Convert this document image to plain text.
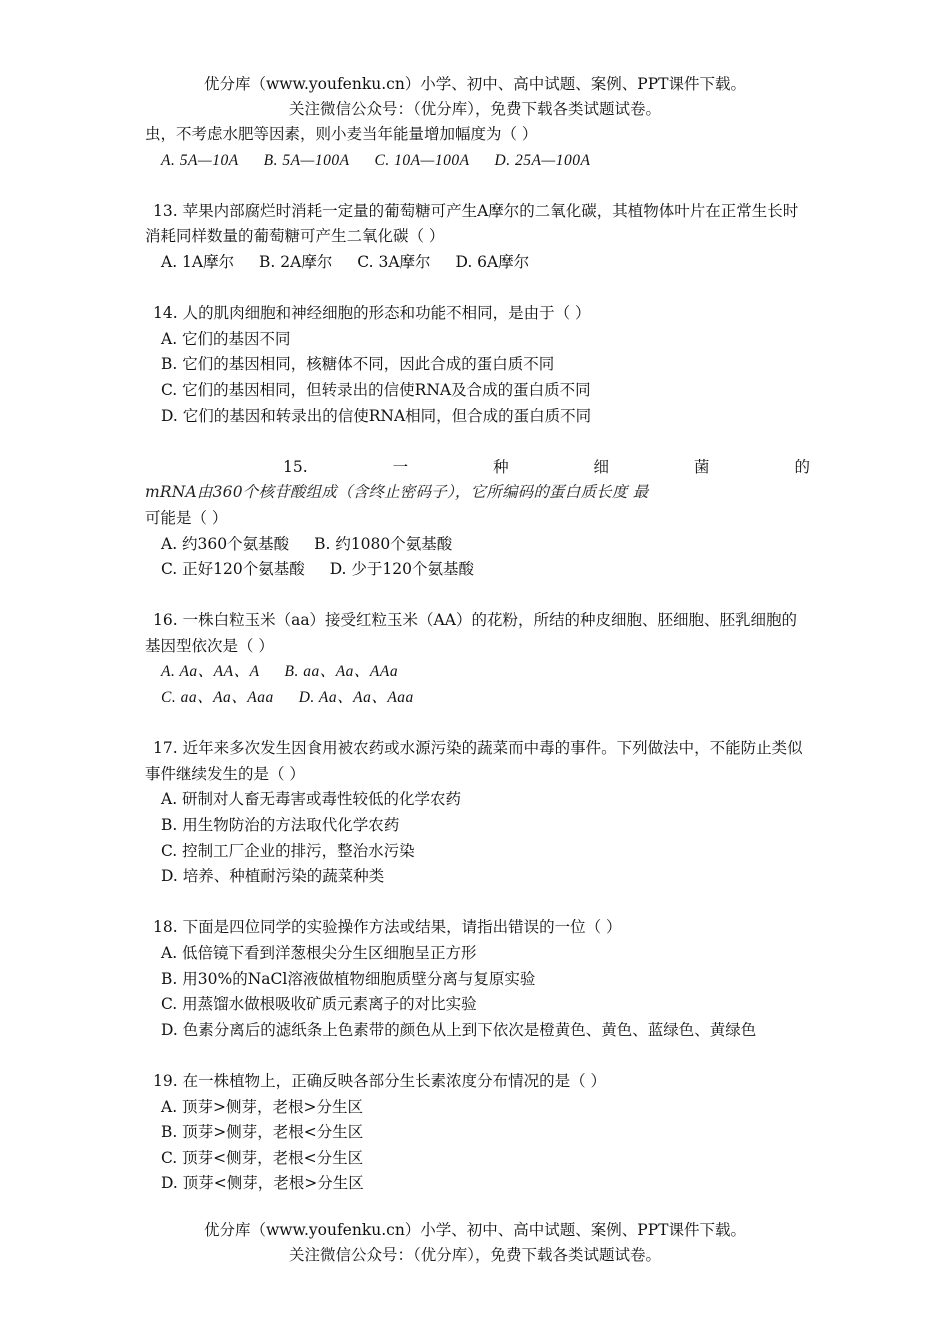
优分库（www.youfenku.cn）小学、初中、高中试题、案例、PPT课件下载。
关注微信公众号：（优分库），免费下载各类试题试卷。
虫，不考虑水肥等因素，则小麦当年能量增加幅度为（ ）
A. 5A—10A B. 5A—100A C. 10A—100A D. 25A—100A
13. 苹果内部腐烂时消耗一定量的葡萄糖可产生A摩尔的二氧化碳，其植物体叶片在正常生长时消耗同样数量的葡萄糖可产生二氧化碳（ ）
A. 1A摩尔 B. 2A摩尔 C. 3A摩尔 D. 6A摩尔
14. 人的肌肉细胞和神经细胞的形态和功能不相同，是由于（ ）
A. 它们的基因不同
B. 它们的基因相同，核糖体不同，因此合成的蛋白质不同
C. 它们的基因相同，但转录出的信使RNA及合成的蛋白质不同
D. 它们的基因和转录出的信使RNA相同，但合成的蛋白质不同
15.	一	种	细	菌	的
mRNA由360个核苷酸组成（含终止密码子），它所编码的蛋白质长度 最
可能是（ ）
A. 约360个氨基酸 B. 约1080个氨基酸
C. 正好120个氨基酸 D. 少于120个氨基酸
16. 一株白粒玉米（aa）接受红粒玉米（AA）的花粉，所结的种皮细胞、胚细胞、胚乳细胞的基因型依次是（ ）
A. Aa、AA、A B. aa、Aa、AAa
C. aa、Aa、Aaa D. Aa、Aa、Aaa
17. 近年来多次发生因食用被农药或水源污染的蔬菜而中毒的事件。下列做法中，不能防止类似事件继续发生的是（ ）
A. 研制对人畜无毒害或毒性较低的化学农药
B. 用生物防治的方法取代化学农药
C. 控制工厂企业的排污，整治水污染
D. 培养、种植耐污染的蔬菜种类
18. 下面是四位同学的实验操作方法或结果，请指出错误的一位（ ）
A. 低倍镜下看到洋葱根尖分生区细胞呈正方形
B. 用30%的NaCl溶液做植物细胞质壁分离与复原实验
C. 用蒸馏水做根吸收矿质元素离子的对比实验
D. 色素分离后的滤纸条上色素带的颜色从上到下依次是橙黄色、黄色、蓝绿色、黄绿色
19. 在一株植物上，正确反映各部分生长素浓度分布情况的是（ ）
A. 顶芽>侧芽，老根>分生区
B. 顶芽>侧芽，老根<分生区
C. 顶芽<侧芽，老根<分生区
D. 顶芽<侧芽，老根>分生区
优分库（www.youfenku.cn）小学、初中、高中试题、案例、PPT课件下载。
关注微信公众号：（优分库），免费下载各类试题试卷。
